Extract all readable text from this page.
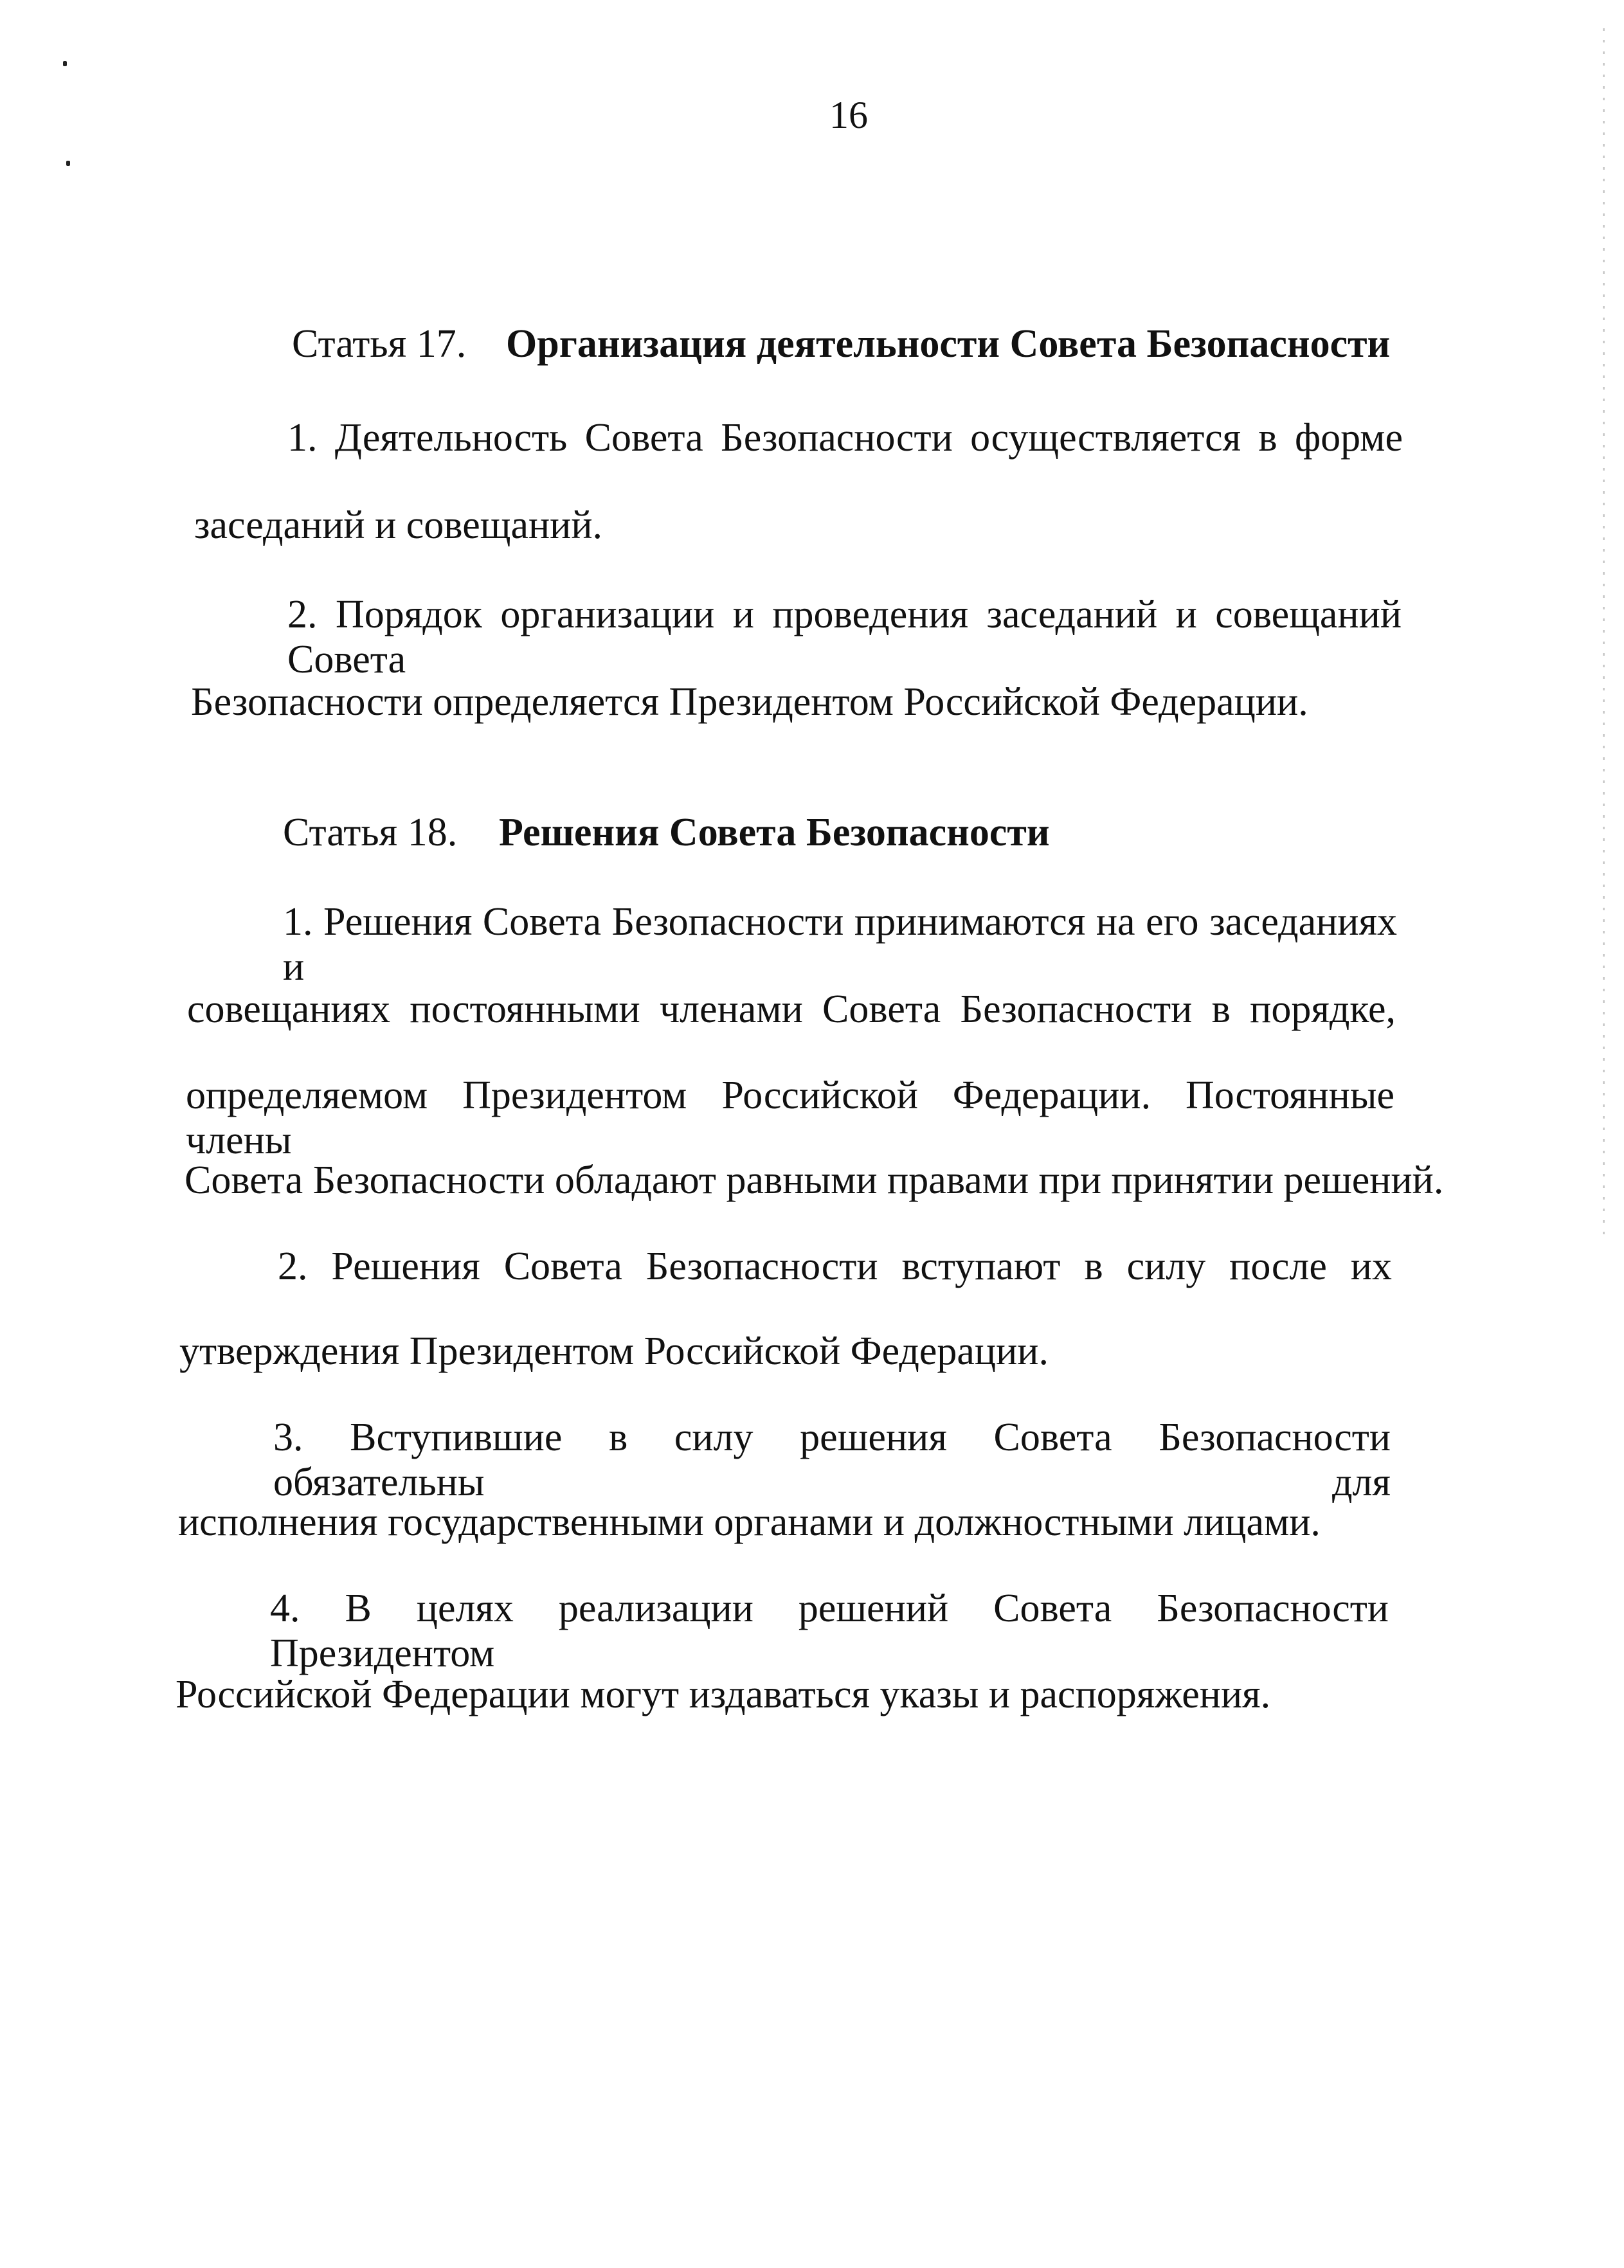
16
Статья 17. Организация деятельности Совета Безопасности
1. Деятельность Совета Безопасности осуществляется в форме
заседаний и совещаний.
2. Порядок организации и проведения заседаний и совещаний Совета
Безопасности определяется Президентом Российской Федерации.
Статья 18. Решения Совета Безопасности
1. Решения Совета Безопасности принимаются на его заседаниях и
совещаниях постоянными членами Совета Безопасности в порядке,
определяемом Президентом Российской Федерации. Постоянные члены
Совета Безопасности обладают равными правами при принятии решений.
2. Решения Совета Безопасности вступают в силу после их
утверждения Президентом Российской Федерации.
3. Вступившие в силу решения Совета Безопасности обязательны для
исполнения государственными органами и должностными лицами.
4. В целях реализации решений Совета Безопасности Президентом
Российской Федерации могут издаваться указы и распоряжения.
